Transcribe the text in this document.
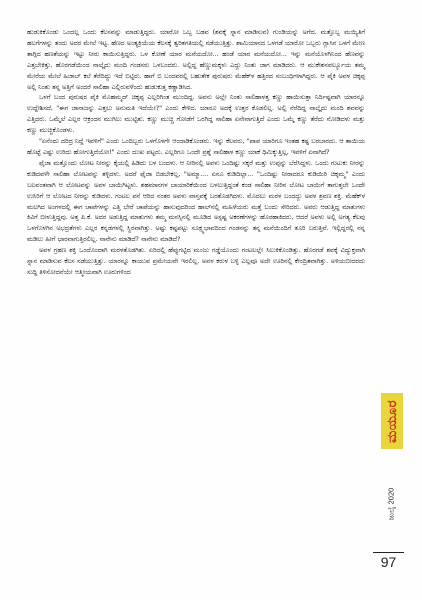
ಹುಡುಕಿಕೊಂಡು ಒಂದಲ್ಲ ಒಂದು ಕೆಲಸವನ್ನು ಮಾಡುತ್ತಿದ್ದರು. ಯಾರೋ ಒಬ್ಬ ಬಡವ (ಶವಕ್ಕೆ ಸ್ನಾನ ಮಾಡಿಸುವ) ಗುಂಡಿಯನ್ನು ಅಗೆದ. ಮತ್ತೊಬ್ಬ ಮಯ್ಯಿತಿಗೆ ಹಲಗೆಗಳನ್ನು ತಂದು ಅದರ ಮೇಲೆ ಇಟ್ಟ. ಹೆಣದ ಅಂತ್ಯಕ್ರಿಯೆಯ ಕೆಲಸಕ್ಕೆ ತ್ವರಿತಗತಿಯಲ್ಲಿ ನಡೆಯುತ್ತಿತ್ತು. ಶಾಮಿಯಾನದ ಒಳಗಡೆ ಯಾರೋ ಒಬ್ಬರು ಗ್ಲಾಸಿನ ಒಳಗೆ ಮೇಣ ತಾಗ್ಗಿದ ಹಣತೆಯನ್ನು ಇಟ್ಟು ನೀರು ಕಾಯಿಸುತ್ತಿದ್ದರು. ಒಳ ಕೋಣೆ ಯಾರ ಮನೆಯದೋ... ಹಂಡೆ ಯಾರ ಮನೆಯದೋ... ಇನ್ನು ಮನೆಯೊಳಗಿನಿಂದ ಹೆಣವನ್ನು ಎತ್ತಬೇಕಿತ್ತು. ಹೊರಗಡೆಯಿಂದ ನಾಲ್ಕೈದು ಮಂದಿ ಗಂಡಸರು ಒಳಬಂದರು. ಅಲ್ಲಿದ್ದ ಹೆಣ್ಣುಮಕ್ಕಳು ಎದ್ದು ನಿಂತು ಜಾಗ ಮಾಡಿದರು. ಆ ಮುಕೇಶನವರ್ಲ್ಯೂಯ ತಮ್ಮ ಮೇರೆಯ ಮೇಲೆ ಹಿಜಾಬ್‌ ಕಲೆ ತೆರೆದಿದ್ದು ಇದೆ ಬಿಟ್ಟಿರು. ಹಾಗೆ ಬಿ ಬಂದವರಲ್ಲಿ ಬಹುತೇಕ ಪುರುಷರು ಮೆಹೆಕ್‌ಳ ಹತ್ತಿರದ ಸಂಬಂಧಿಗಳಾಗಿದ್ದರು. ಆ ಪೈಕಿ ಅವಳ ಚಿಕ್ಕಪ್ಪ ಅಲ್ಲಿ ನಿಂತು ತನ್ನ ಅತ್ತಿಗೆ ಅಂದರೆ ಸಾಲಿಹಾ ಎಲ್ಲಿರುವಳೆಂದು ಹುಡುಕುತ್ತ ಕಣ್ಣಾಡಿಸಿದ.

ಒಳಗೆ ಬಂದ ಪುರುಷರ ಪೈಕಿ ಮೊಹಮ್ಮದ್‌ ಚಿಕ್ಕಪ್ಪ ಎಲ್ಲರಿಗಿಂತ ಮುಂದಿದ್ದ. ಅವನು ಅಲ್ಲೇ ನಿಂತು ಸಾಲಿಹಾಳತ್ತ ಕಣ್ಣು ಹಾಯಿಸುತ್ತಾ ನಿರ್ದಿಷ್ಟವಾಗಿ ಯಾರನ್ನೂ ಉದ್ದೇಶಿಸದೆ, "ಈಗ ಜಾನಾಜನ್ನು ಎತ್ತಲು ಅನುಮತಿ ಇದೆಯೇ?" ಎಂದು ಕೇಳಿದ. ಯಾರೂ ಅದಕ್ಕೆ ಉತ್ತರ ಕೊಡಲಿಲ್ಲ. ಅಲ್ಲಿ ನೆರೆದಿದ್ದ ನಾಲ್ಕೈದು ಮಂದಿ ಶವವನ್ನು ಎತ್ತಿದರು. ಒಮ್ಮೆಲೆ ಎಲ್ಲರ ಆಕ್ರಂದನ ಮುಗಿಲು ಮುಟ್ಟಿತು. ಕಣ್ಣು ಮುಚ್ಚಿ ಗೋಡೆಗೆ ಒರಗಿದ್ದ ಸಾಲಿಹಾ ಏನೇನಾಗುತ್ತಿದೆ ಎಂದು ಒಮ್ಮೆ ಕಣ್ಣು ತೆರೆದು ನೋಡಿದಳು ಮತ್ತು ಕಣ್ಣು ಮುಚ್ಚಿಕೊಂಡಳು.

"ಏನೆಂದು ದರಿದ್ರ ನಿದ್ದೆ ಇವಳಿಗೆ" ಎಂದು ಒಂದಿಬ್ಬರು ಒಳಗೊಳಗೇ ಆಂದಾಡಿಕೊಂಡರು. ಇನ್ನು ಕೆಲವರು, "ಪಾಪ ಯಾರಿಗೂ ಇಂತಹ ಕಷ್ಟ ಬರಬಾರದು. ಆ ತಾಯಿಯ ಹೊಟ್ಟೆ ಎಷ್ಟು ಉರಿದು ಹೋಗುತ್ತಿದೆಯೋ!" ಎಂದು ದುಃಖ ಪಟ್ಟರು. ಎಲ್ಲರಿಗೂ ಒಂದೇ ಪ್ರಶ್ನೆ ಸಾಲಿಹಾಳ ಕಣ್ಣು ಯಾಕೆ ಧಿಮಿಕ್ಕುತ್ತಿಲ್ಲ, ಇವಳಿಗೆ ಏನಾಗಿದೆ?

ಫೈಜಾ ಮತ್ತೊಂದು ಲೋಟ ನೀರನ್ನು ಕೈಯಲ್ಲಿ ಹಿಡಿದು ಬಳ ಬಂದಳು. ಆ ನೀರಿನಲ್ಲಿ ಅವಳು ಒಂದಿಷ್ಟು ಸಕ್ಕರೆ ಮತ್ತು ಉಪ್ಪನ್ನು ಬೆರೆಸಿದ್ದಳು. ಒಂದು ಗುಟುಕು ನೀರನ್ನು ಕುಡಿದವಳೇ ಸಾಲಿಹಾ ಲೋಟವನ್ನು ತಳ್ಳಿದಳು. ಅದರೆ ಫೈಜಾ ಬಿಡಬೇಕಲ್ಲ, "ಅಮ್ಮಾ.... ಏನೂ ಕುಡಿದಿಲ್ಲಾ... "ಒಂದಿಷ್ಟು ನೀರಾದರೂ ಕುಡಿಯಿರಿ ಚಿಕ್ಕಮ್ಮ" ಎಂದು ಬಲವಂತವಾಗಿ ಆ ಲೋಟವನ್ನು ಅವಳ ಬಾಯಿಗಿಟ್ಟಳು. ಶಹಮಾನಗಳ ಬಾಯಾರಿಕೆಯಿಂದ ಬಳಲುತ್ತಿದ್ದಂತೆ ಕಂಡ ಸಾಲಿಹಾ ನೀರಿನ ಲೋಟ ಬಾಯಿಗೆ ತಾಗುತ್ತಲೇ ಒಂದೇ ಉಸಿರಿಗೆ ಆ ಲೋಟದ ನೀರನ್ನು ಕುಡಿದಳು. ಗಂಟಲ ಪಸೆ ಆರಿದ ನಂತರ ಅವಳು ವಾಸ್ತವಕ್ಕೆ ಬರತೊಡಗಿದಳು. ಮೊದಲು ಮರಳ ಬಂದದ್ದು ಅವಳ ಶ್ರವಣ ಶಕ್ತಿ. ಮೆಹೆಕ್‌ಳ ಮಲಗಿದ ಅಂಗಳದಲ್ಲಿ ಈಗ ಚಾಪೆಗಳನ್ನು ಎತ್ತಿ ಬೇರೆ ಚಾಪೆಯನ್ನು ಹಾಸುವುದರಿಂದ ಹಾಲ್‌ನಲ್ಲಿ ಮಹಿಳೆಯರು ಮತ್ತೆ ಬಂದು ಸೇರಿದರು. ಅವರು ಆಡುತ್ತಿದ್ದ ಮಾತುಗಳು ಕಿವಿಗೆ ಬೀಳುತ್ತಿದ್ದವು. ಅತ್ತ ಪಿ.ಕೆ. ಅದರ ಅಡುತ್ತಿದ್ದ ಮಾತುಗಳು ತಮ್ಮ ಮನಸ್ಸಿನಲ್ಲಿ ಮೂಡಿದ ಅಸ್ಪಷ್ಟ ಅಕರಣೆಗಳನ್ನು ಹೊರಹಾಕಿದರು, ಆದರೆ ಅವಳು ಅಲ್ಲಿ ಅಗತ್ಯ ಕೆಲವು ಒಳಗೊಳಗಿನ ಅಭದ್ರತೆಗಳು ಎಲ್ಲರ ಕನ್ನಡಗಳಲ್ಲಿ ಸ್ಥಿರವಾಗಿತ್ತು. ಅಷ್ಟು ಕಷ್ಟಪಟ್ಟು ಸೂಕ್ಷ್ಮಭಾವದಿಂದ ಗಂಡನನ್ನು ತನ್ನ ಮನೆಯಿಂದಿಗೆ ತೂರಿ ಬರುತ್ತಿವೆ. ಇಲ್ಲಿದ್ದರಲ್ಲಿ ನನ್ನ ಮಡಿಲು ಹೀಗೆ ಭಾರವಾಗುತ್ತಿರಲಿಲ್ಲ. ನಾನೇನು ಮಾಡಿದೆ? ನಾನೇನು ಮಾಡಿದೆ?

ಅವಳ ಗ್ರಹಣ ಶಕ್ತಿ ಒಂದೊಂದಾಗಿ ಮರಳತೊಡಗಿತು. ಏರಿದಲ್ಲಿ ಹೆಪ್ಪುಗಟ್ಟಿದ ಮಂಜು ಗಡ್ಡೆಯೊಂದು ಗಂಟಲಲ್ಲೇ ಸಿಲುಕಿಕೊಂಡಿತ್ತು. ಹೊರಗಡೆ ಶವಕ್ಕೆ ವಿದ್ಯುಕ್ತವಾಗಿ ಸ್ನಾನ ಮಾಡಿಸುವ ಕೆಲಸ ನಡೆಯುತ್ತಿತ್ತು. ಯಾರನ್ನೂ ಕಾಯುವ ಪ್ರಮೇಯವೇ ಇರಲಿಲ್ಲ. ಅವಳ ಕರುಳ ಬಳ್ಳಿ ಎಲ್ಲವೂ ಅದೇ ಊರಿನಲ್ಲಿ ಕೇಂದ್ರಿತವಾಗಿತ್ತು. ಅಳಿಯಬೀದರದು ಸುದ್ದಿ ತಿಳಿಸೋದನೆಯೇ ಆತ್ಮೀಯವಾಗಿ ಊರುಗಳಿಂದ

ಮಯೂರ
ಜುಲೈ 2020
97
